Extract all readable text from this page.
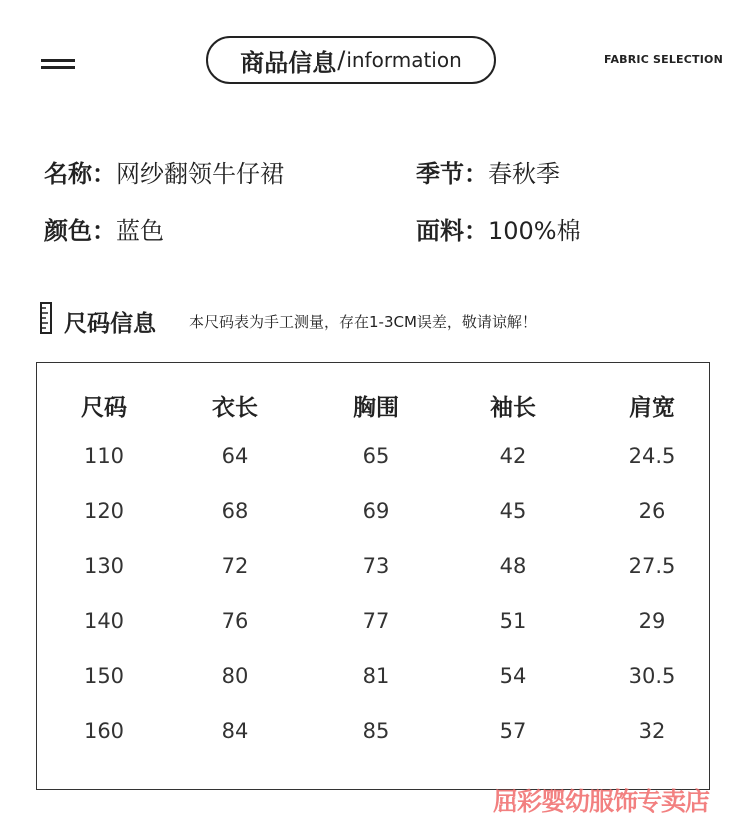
商品信息 / information	FABRIC SELECTION
名称：网纱翻领牛仔裙	季节：春秋季
颜色：蓝色	面料：100%棉
尺码信息 本尺码表为手工测量，存在1-3CM误差，敬请谅解！
尺码	衣长	胸围	袖长	肩宽
110	64	65	42	24.5
120	68	69	45	26
130	72	73	48	27.5
140	76	77	51	29
150	80	81	54	30.5
160	84	85	57	32
屈彩婴幼服饰专卖店
